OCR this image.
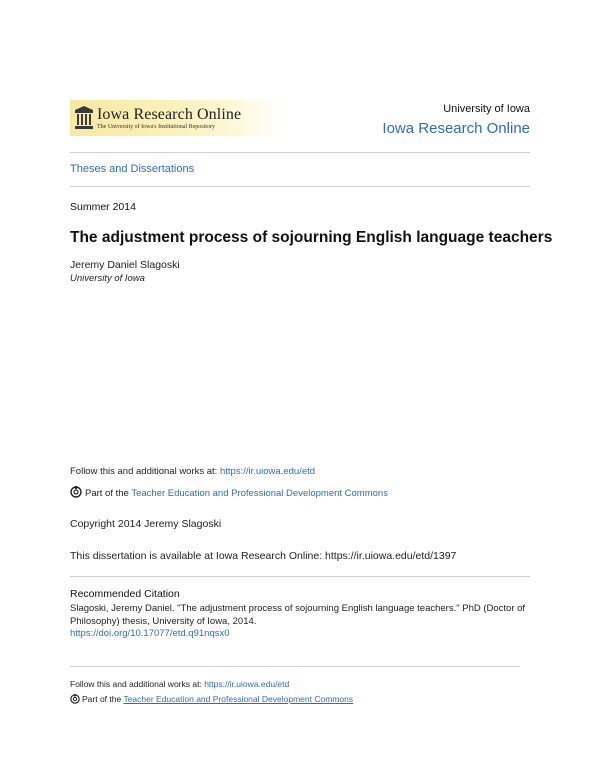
Iowa Research Online
The University of Iowa's Institutional Repository
University of Iowa
Iowa Research Online
Theses and Dissertations
Summer 2014
The adjustment process of sojourning English language teachers
Jeremy Daniel Slagoski
University of Iowa
Follow this and additional works at: https://ir.uiowa.edu/etd
Part of the Teacher Education and Professional Development Commons
Copyright 2014 Jeremy Slagoski
This dissertation is available at Iowa Research Online: https://ir.uiowa.edu/etd/1397
Recommended Citation
Slagoski, Jeremy Daniel. "The adjustment process of sojourning English language teachers." PhD (Doctor of Philosophy) thesis, University of Iowa, 2014.
https://doi.org/10.17077/etd.q91nqsx0
Follow this and additional works at: https://ir.uiowa.edu/etd
Part of the Teacher Education and Professional Development Commons
